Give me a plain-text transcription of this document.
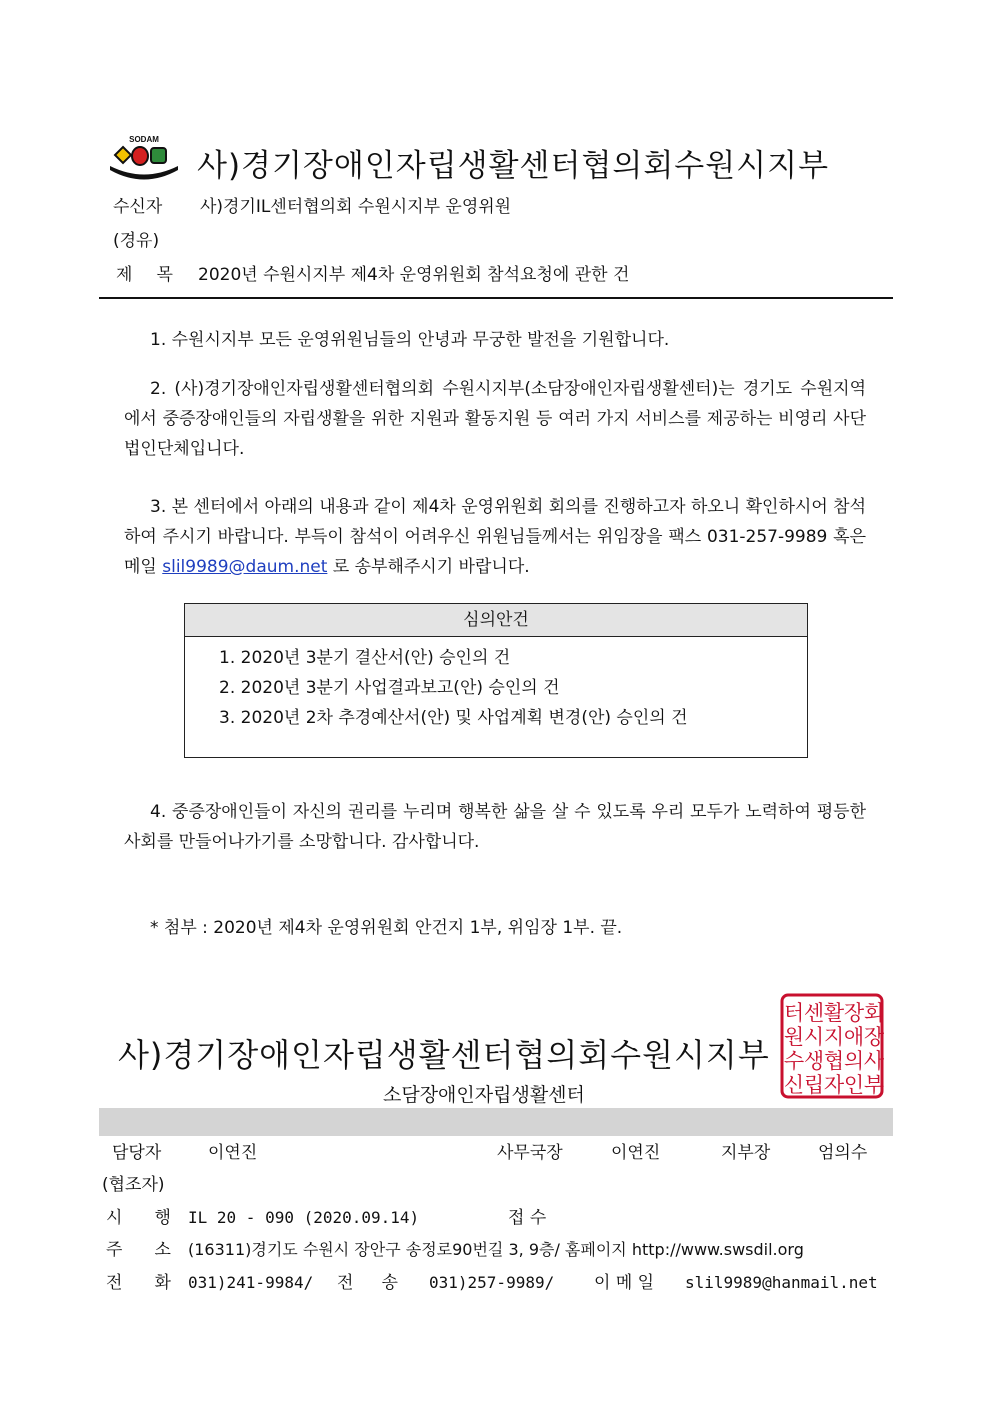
SODAM
사)경기장애인자립생활센터협의회수원시지부
수신자 사)경기IL센터협의회 수원시지부 운영위원
(경유)
제 목 2020년 수원시지부 제4차 운영위원회 참석요청에 관한 건
1. 수원시지부 모든 운영위원님들의 안녕과 무궁한 발전을 기원합니다.
2. (사)경기장애인자립생활센터협의회 수원시지부(소담장애인자립생활센터)는 경기도 수원지역에서 중증장애인들의 자립생활을 위한 지원과 활동지원 등 여러 가지 서비스를 제공하는 비영리 사단법인단체입니다.
3. 본 센터에서 아래의 내용과 같이 제4차 운영위원회 회의를 진행하고자 하오니 확인하시어 참석하여 주시기 바랍니다. 부득이 참석이 어려우신 위원님들께서는 위임장을 팩스 031-257-9989 혹은 메일 slil9989@daum.net 로 송부해주시기 바랍니다.
심의안건
1. 2020년 3분기 결산서(안) 승인의 건
2. 2020년 3분기 사업결과보고(안) 승인의 건
3. 2020년 2차 추경예산서(안) 및 사업계획 변경(안) 승인의 건
4. 중증장애인들이 자신의 권리를 누리며 행복한 삶을 살 수 있도록 우리 모두가 노력하여 평등한 사회를 만들어나가기를 소망합니다. 감사합니다.
* 첨부 : 2020년 제4차 운영위원회 안건지 1부, 위임장 1부. 끝.
사)경기장애인자립생활센터협의회수원시지부
소담장애인자립생활센터
회
장
사
부
장
애
의
인
활
지
협
자
센
시
생
립
터
원
수
신
담당자	이연진	사무국장	이연진	지부장	엄의수
(협조자)
시 행 IL 20 - 090 (2020.09.14)	접 수
주 소 (16311)경기도 수원시 장안구 송정로90번길 3, 9층/ 홈페이지 http://www.swsdil.org
전 화 031)241-9984/ 전 송 031)257-9989/ 이 메 일 slil9989@hanmail.net
